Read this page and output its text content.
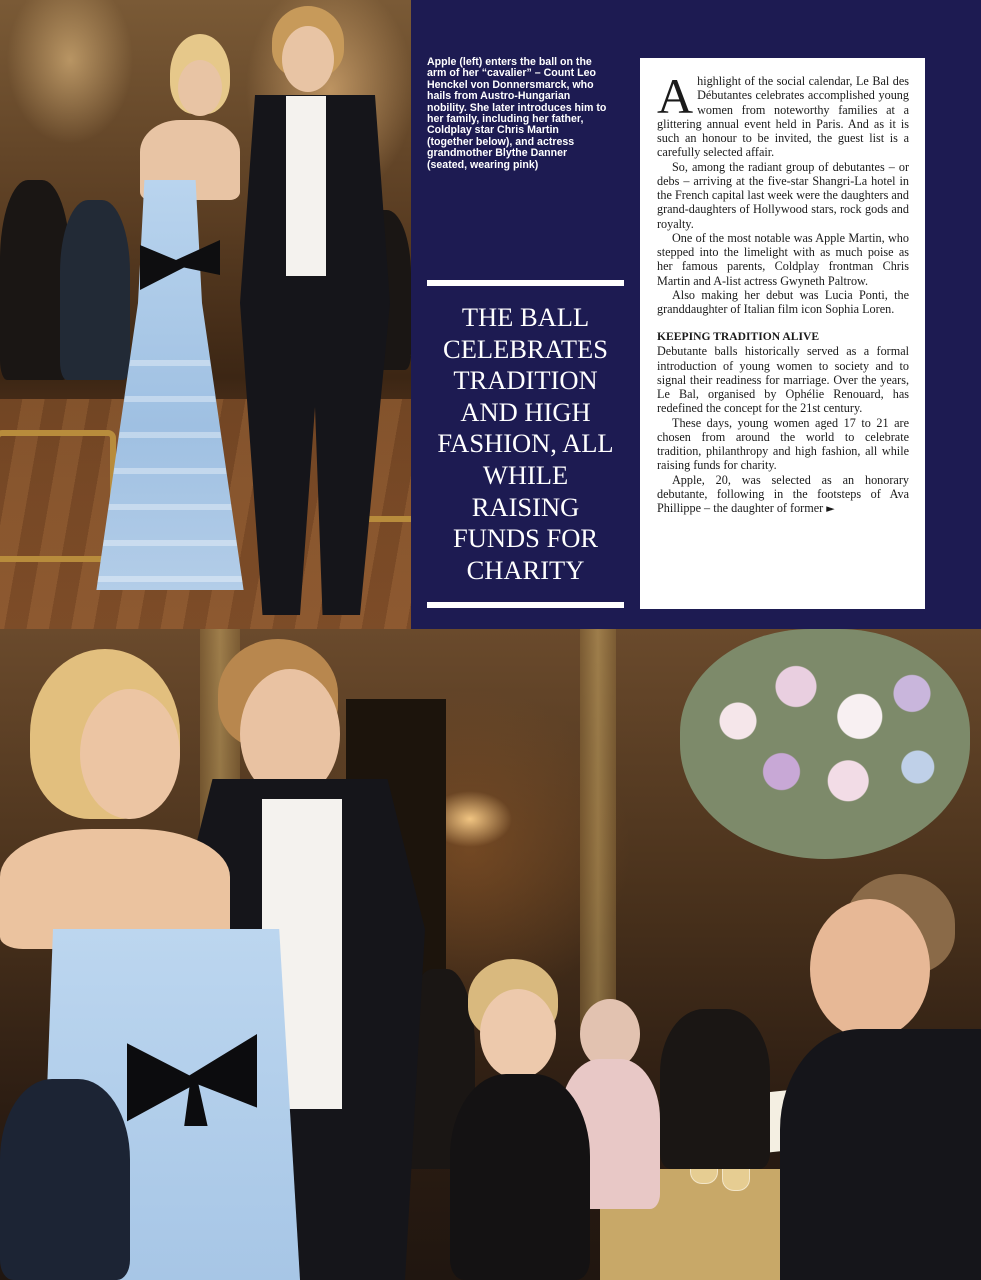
Apple (left) enters the ball on the arm of her “cavalier” – Count Leo Henckel von Donnersmarck, who hails from Austro-Hungarian nobility. She later introduces him to her family, including her father, Coldplay star Chris Martin (together below), and actress grandmother Blythe Danner (seated, wearing pink)

THE BALL CELEBRATES TRADITION AND HIGH FASHION, ALL WHILE RAISING FUNDS FOR CHARITY

Ahighlight of the social calendar, Le Bal des Débutantes celebrates accomplished young women from noteworthy families at a glittering annual event held in Paris. And as it is such an honour to be invited, the guest list is a carefully selected affair.

So, among the radiant group of debutantes – or debs – arriving at the five-star Shangri-La hotel in the French capital last week were the daughters and grand-daughters of Hollywood stars, rock gods and royalty.

One of the most notable was Apple Martin, who stepped into the limelight with as much poise as her famous parents, Coldplay frontman Chris Martin and A-list actress Gwyneth Paltrow.

Also making her debut was Lucia Ponti, the granddaughter of Italian film icon Sophia Loren.

KEEPING TRADITION ALIVE

Debutante balls historically served as a formal introduction of young women to society and to signal their readiness for marriage. Over the years, Le Bal, organised by Ophélie Renouard, has redefined the concept for the 21st century.

These days, young women aged 17 to 21 are chosen from around the world to celebrate tradition, philanthropy and high fashion, all while raising funds for charity.

Apple, 20, was selected as an honorary debutante, following in the footsteps of Ava Phillippe – the daughter of former ►
